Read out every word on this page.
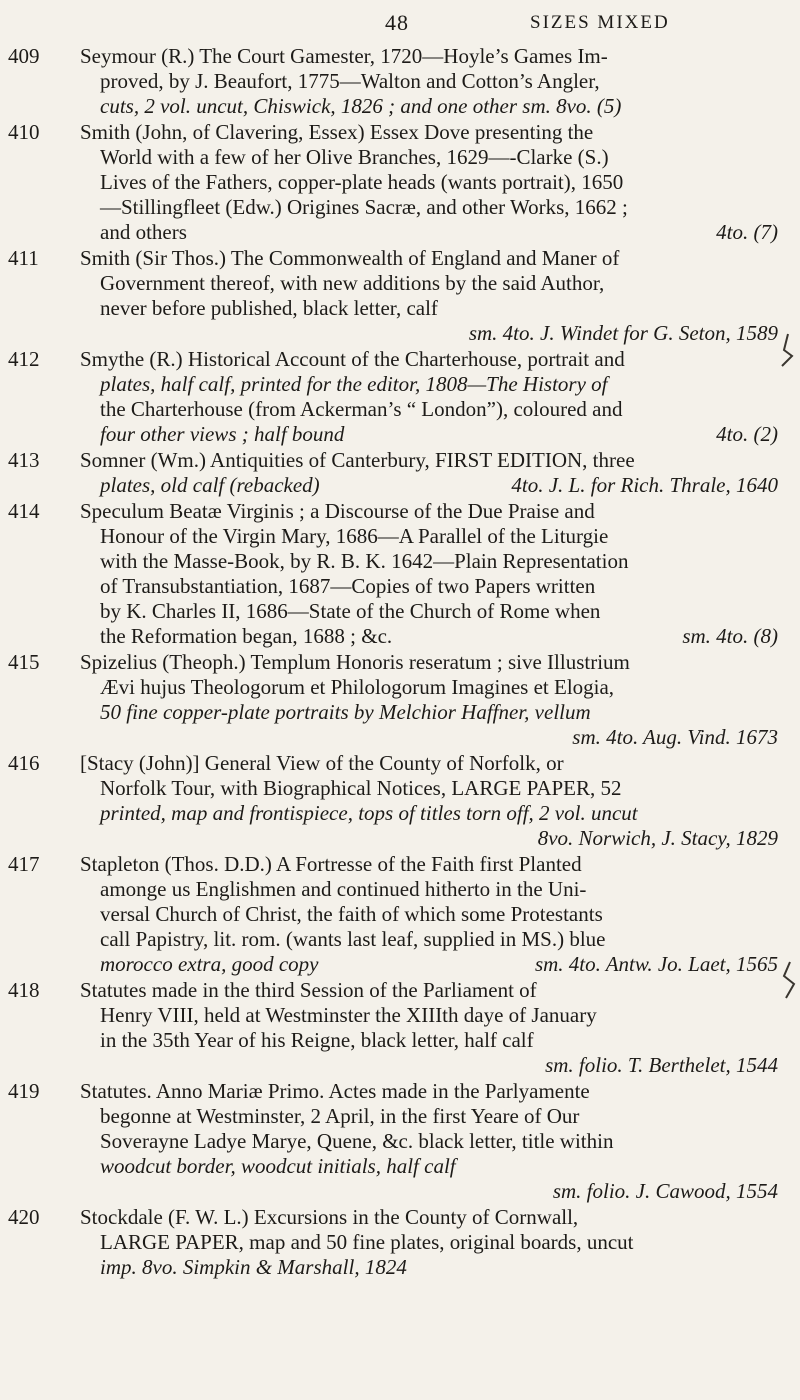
48	SIZES MIXED
409	Seymour (R.) The Court Gamester, 1720—Hoyle’s Games Im-
proved, by J. Beaufort, 1775—Walton and Cotton’s Angler,
cuts, 2 vol. uncut, Chiswick, 1826 ; and one other sm. 8vo. (5)
410	Smith (John, of Clavering, Essex) Essex Dove presenting the
World with a few of her Olive Branches, 1629—-Clarke (S.)
Lives of the Fathers, copper-plate heads (wants portrait), 1650
—Stillingfleet (Edw.) Origines Sacræ, and other Works, 1662 ;
and others	4to. (7)
411	Smith (Sir Thos.) The Commonwealth of England and Maner of
Government thereof, with new additions by the said Author,
never before published, black letter, calf
sm. 4to. J. Windet for G. Seton, 1589
412	Smythe (R.) Historical Account of the Charterhouse, portrait and
plates, half calf, printed for the editor, 1808—The History of
the Charterhouse (from Ackerman’s “ London”), coloured and
four other views ; half bound	4to. (2)
413	Somner (Wm.) Antiquities of Canterbury, FIRST EDITION, three
plates, old calf (rebacked)	4to. J. L. for Rich. Thrale, 1640
414	Speculum Beatæ Virginis ; a Discourse of the Due Praise and
Honour of the Virgin Mary, 1686—A Parallel of the Liturgie
with the Masse-Book, by R. B. K. 1642—Plain Representation
of Transubstantiation, 1687—Copies of two Papers written
by K. Charles II, 1686—State of the Church of Rome when
the Reformation began, 1688 ; &c.	sm. 4to. (8)
415	Spizelius (Theoph.) Templum Honoris reseratum ; sive Illustrium
Ævi hujus Theologorum et Philologorum Imagines et Elogia,
50 fine copper-plate portraits by Melchior Haffner, vellum
sm. 4to. Aug. Vind. 1673
416	[Stacy (John)] General View of the County of Norfolk, or
Norfolk Tour, with Biographical Notices, LARGE PAPER, 52
printed, map and frontispiece, tops of titles torn off, 2 vol. uncut
8vo. Norwich, J. Stacy, 1829
417	Stapleton (Thos. D.D.) A Fortresse of the Faith first Planted
amonge us Englishmen and continued hitherto in the Uni-
versal Church of Christ, the faith of which some Protestants
call Papistry, lit. rom. (wants last leaf, supplied in MS.) blue
morocco extra, good copy	sm. 4to. Antw. Jo. Laet, 1565
418	Statutes made in the third Session of the Parliament of
Henry VIII, held at Westminster the XIIIth daye of January
in the 35th Year of his Reigne, black letter, half calf
sm. folio. T. Berthelet, 1544
419	Statutes. Anno Mariæ Primo. Actes made in the Parlyamente
begonne at Westminster, 2 April, in the first Yeare of Our
Soverayne Ladye Marye, Quene, &c. black letter, title within
woodcut border, woodcut initials, half calf
sm. folio. J. Cawood, 1554
420	Stockdale (F. W. L.) Excursions in the County of Cornwall,
LARGE PAPER, map and 50 fine plates, original boards, uncut
imp. 8vo. Simpkin & Marshall, 1824
